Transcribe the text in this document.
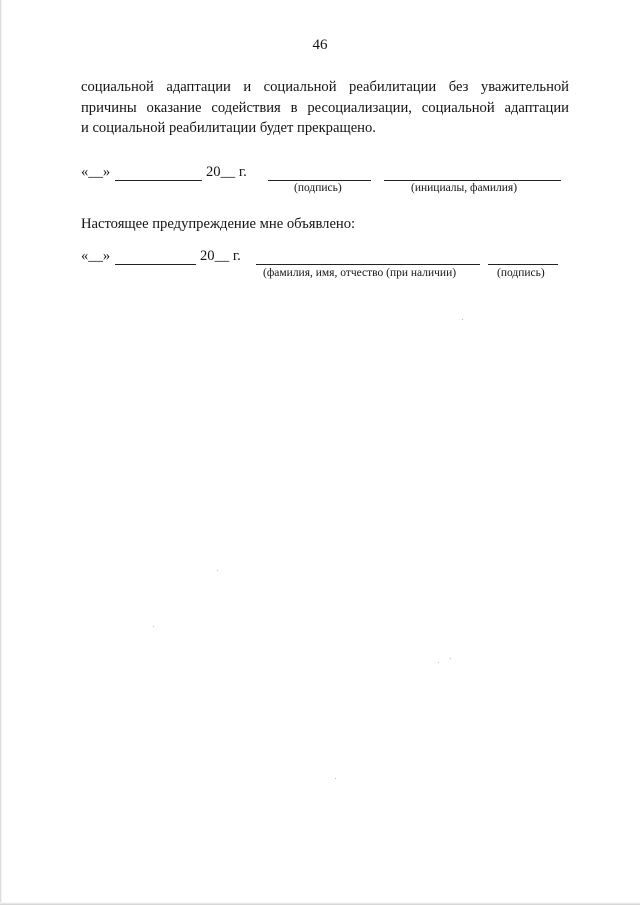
46
социальной адаптации и социальной реабилитации без уважительной
причины оказание содействия в ресоциализации, социальной адаптации
и социальной реабилитации будет прекращено.
«__»	20__ г.
(подпись)	(инициалы, фамилия)
Настоящее предупреждение мне объявлено:
«__»	20__ г.
(фамилия, имя, отчество (при наличии)	(подпись)
